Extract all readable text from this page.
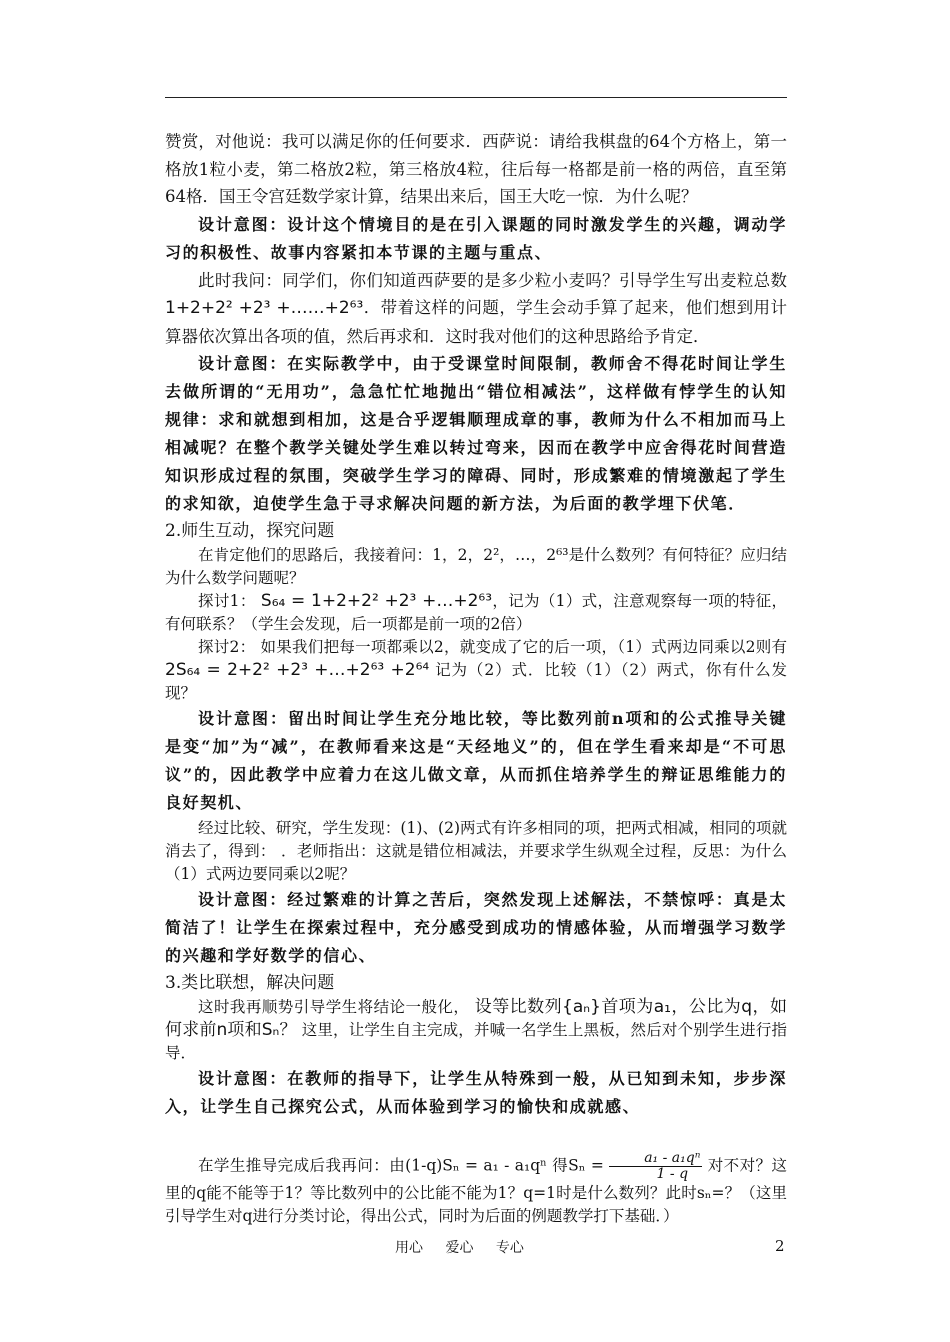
赞赏，对他说：我可以满足你的任何要求．西萨说：请给我棋盘的64个方格上，第一格放1粒小麦，第二格放2粒，第三格放4粒，往后每一格都是前一格的两倍，直至第64格．国王令宫廷数学家计算，结果出来后，国王大吃一惊．为什么呢？

设计意图：设计这个情境目的是在引入课题的同时激发学生的兴趣，调动学习的积极性、故事内容紧扣本节课的主题与重点、

此时我问：同学们，你们知道西萨要的是多少粒小麦吗？引导学生写出麦粒总数 1+2+2² +2³ +……+2⁶³．带着这样的问题，学生会动手算了起来，他们想到用计算器依次算出各项的值，然后再求和．这时我对他们的这种思路给予肯定．

设计意图：在实际教学中，由于受课堂时间限制，教师舍不得花时间让学生去做所谓的“无用功”，急急忙忙地抛出“错位相减法”，这样做有悖学生的认知规律：求和就想到相加，这是合乎逻辑顺理成章的事，教师为什么不相加而马上相减呢？在整个教学关键处学生难以转过弯来，因而在教学中应舍得花时间营造知识形成过程的氛围，突破学生学习的障碍、同时，形成繁难的情境激起了学生的求知欲，迫使学生急于寻求解决问题的新方法，为后面的教学埋下伏笔．

2.师生互动，探究问题

在肯定他们的思路后，我接着问：1，2，2²，…，2⁶³是什么数列？有何特征？应归结为什么数学问题呢？

探讨1： S₆₄ = 1+2+2² +2³ +…+2⁶³，记为（1）式，注意观察每一项的特征，有何联系？（学生会发现，后一项都是前一项的2倍）

探讨2： 如果我们把每一项都乘以2，就变成了它的后一项，（1）式两边同乘以2则有 2S₆₄ = 2+2² +2³ +…+2⁶³ +2⁶⁴ 记为（2）式．比较（1）（2）两式，你有什么发现？

设计意图：留出时间让学生充分地比较，等比数列前n项和的公式推导关键是变“加”为“减”，在教师看来这是“天经地义”的，但在学生看来却是“不可思议”的，因此教学中应着力在这儿做文章，从而抓住培养学生的辩证思维能力的良好契机、

经过比较、研究，学生发现：(1)、(2)两式有许多相同的项，把两式相减，相同的项就消去了，得到： ．老师指出：这就是错位相减法，并要求学生纵观全过程，反思：为什么（1）式两边要同乘以2呢？

设计意图：经过繁难的计算之苦后，突然发现上述解法，不禁惊呼：真是太简洁了！让学生在探索过程中，充分感受到成功的情感体验，从而增强学习数学的兴趣和学好数学的信心、

3.类比联想，解决问题

这时我再顺势引导学生将结论一般化， 设等比数列{aₙ}首项为a₁，公比为q，如何求前n项和Sₙ？ 这里，让学生自主完成，并喊一名学生上黑板，然后对个别学生进行指导．

设计意图：在教师的指导下，让学生从特殊到一般，从已知到未知，步步深入，让学生自己探究公式，从而体验到学习的愉快和成就感、

在学生推导完成后我再问：由(1-q)Sₙ = a₁ - a₁qⁿ 得$S_n = \frac{\text{a₁ - a₁qⁿ}}{1 - q}$ 对不对？这里的q能不能等于1？等比数列中的公比能不能为1？q=1时是什么数列？此时sₙ=？（这里引导学生对q进行分类讨论，得出公式，同时为后面的例题教学打下基础．）

用心 爱心 专心	2
